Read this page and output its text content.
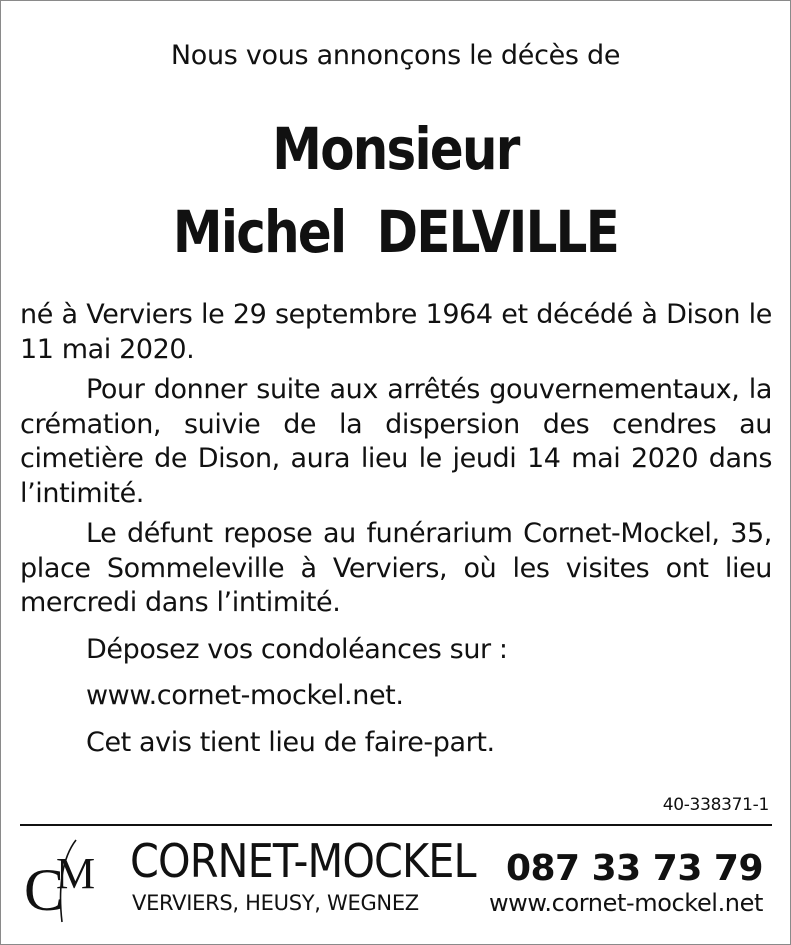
Nous vous annonçons le décès de
Monsieur
Michel  DELVILLE

né à Verviers le 29 septembre 1964 et décédé à Dison le 11 mai 2020.

Pour donner suite aux arrêtés gouvernementaux, la crémation, suivie de la dispersion des cendres au cimetière de Dison, aura lieu le jeudi 14 mai 2020 dans l’intimité.

Le défunt repose au funérarium Cornet-Mockel, 35, place Sommeleville à Verviers, où les visites ont lieu mercredi dans l’intimité.

Déposez vos condoléances sur :

www.cornet-mockel.net.

Cet avis tient lieu de faire-part.

40-338371-1
C
M CORNET-MOCKEL
VERVIERS, HEUSY, WEGNEZ
087 33 73 79
www.cornet-mockel.net
